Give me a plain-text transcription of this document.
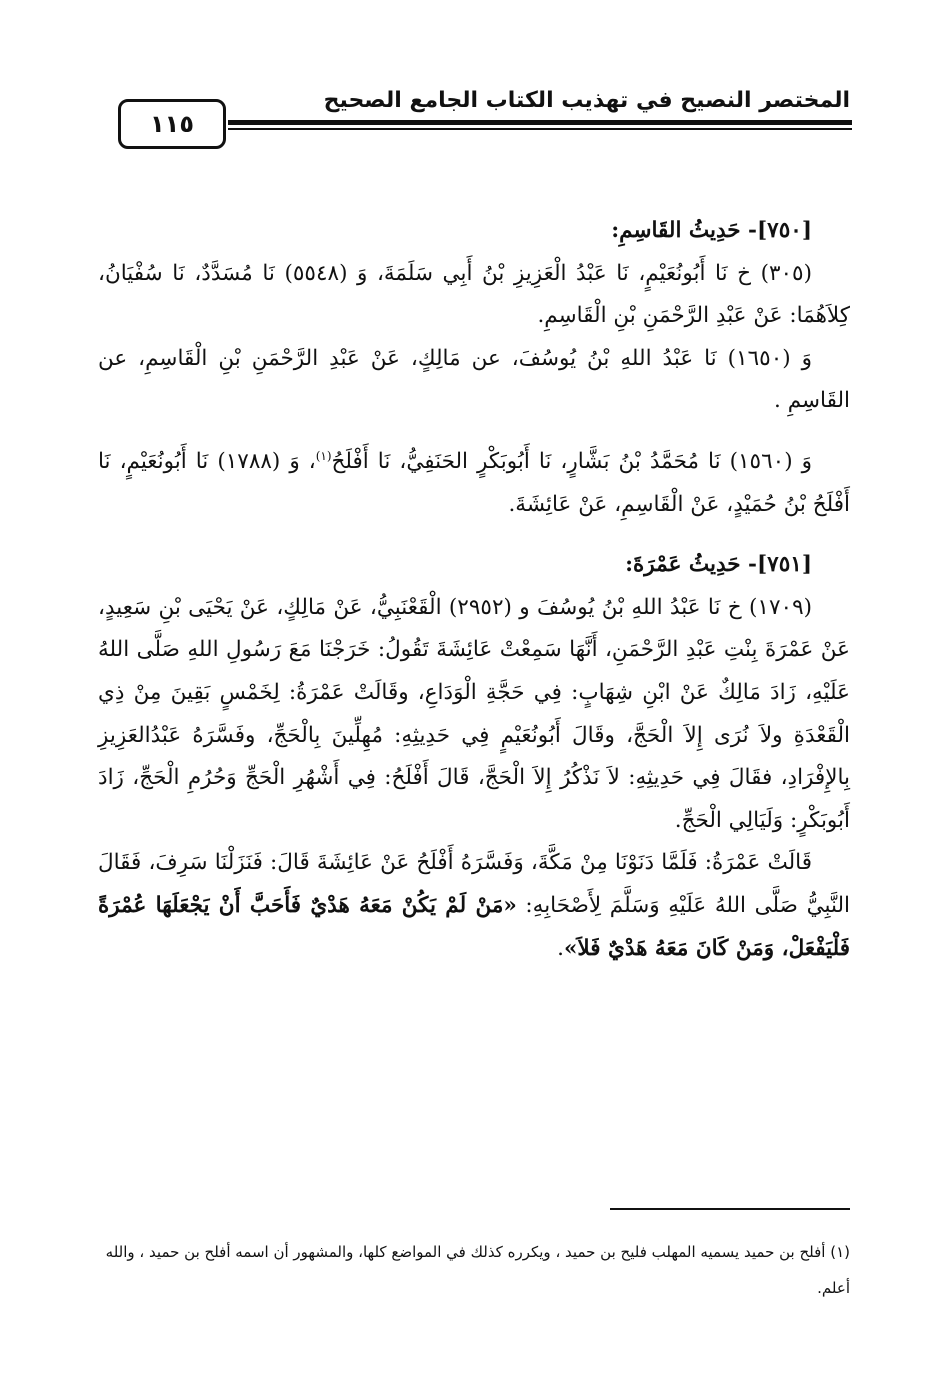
المختصر النصيح في تهذيب الكتاب الجامع الصحيح
١١٥

[٧٥٠]- حَدِيثُ القَاسِمِ:

(٣٠٥) خ نَا أَبُونُعَيْمٍ، نَا عَبْدُ الْعَزِيزِ بْنُ أَبِي سَلَمَةَ، وَ (٥٥٤٨) نَا مُسَدَّدٌ، نَا سُفْيَانُ، كِلاَهُمَا: عَنْ عَبْدِ الرَّحْمَنِ بْنِ الْقَاسِمِ.

وَ (١٦٥٠) نَا عَبْدُ اللهِ بْنُ يُوسُفَ، عن مَالِكٍ، عَنْ عَبْدِ الرَّحْمَنِ بْنِ الْقَاسِمِ، عن القَاسِمِ .

وَ (١٥٦٠) نَا مُحَمَّدُ بْنُ بَشَّارٍ، نَا أَبُوبَكْرٍ الحَنَفِيُّ، نَا أَفْلَحُ$^{(١)}$، وَ (١٧٨٨) نَا أَبُونُعَيْمٍ، نَا أَفْلَحُ بْنُ حُمَيْدٍ، عَنْ الْقَاسِمِ، عَنْ عَائِشَةَ.

[٧٥١]- حَدِيثُ عَمْرَةَ:

(١٧٠٩) خ نَا عَبْدُ اللهِ بْنُ يُوسُفَ و (٢٩٥٢) الْقَعْنَبِيُّ، عَنْ مَالِكٍ، عَنْ يَحْيَى بْنِ سَعِيدٍ، عَنْ عَمْرَةَ بِنْتِ عَبْدِ الرَّحْمَنِ، أَنَّهَا سَمِعْتْ عَائِشَةَ تَقُولُ: خَرَجْنَا مَعَ رَسُولِ اللهِ صَلَّى اللهُ عَلَيْهِ، زَادَ مَالِكٌ عَنْ ابْنِ شِهَابٍ: فِي حَجَّةِ الْوَدَاعِ، وقَالَتْ عَمْرَةُ: لِخَمْسٍ بَقِينَ مِنْ ذِي الْقَعْدَةِ ولاَ نُرَى إِلاَ الْحَجَّ، وقَالَ أَبُونُعَيْمٍ فِي حَدِيثِهِ: مُهِلِّينَ بِالْحَجِّ، وفَسَّرَهُ عَبْدُالعَزِيزِ بِالإِفْرَادِ، فقَالَ فِي حَدِيثِهِ: لاَ نَذْكُرُ إِلاَ الْحَجَّ، قَالَ أَفْلَحُ: فِي أَشْهُرِ الْحَجِّ وَحُرُمِ الْحَجِّ، زَادَ أَبُوبَكْرٍ: وَلَيَالِي الْحَجِّ.

قَالَتْ عَمْرَةُ: فَلَمَّا دَنَوْنَا مِنْ مَكَّةَ، وَفَسَّرَهُ أَفْلَحُ عَنْ عَائِشَةَ قَالَ: فَنَزَلْنَا سَرِفَ، فَقَالَ النَّبِيُّ صَلَّى اللهُ عَلَيْهِ وَسَلَّمَ لِأَصْحَابِهِ: «مَنْ لَمْ يَكُنْ مَعَهُ هَدْيٌ فَأَحَبَّ أَنْ يَجْعَلَهَا عُمْرَةً فَلْيَفْعَلْ، وَمَنْ كَانَ مَعَهُ هَدْيٌ فَلاَ».

(١) أفلح بن حميد يسميه المهلب فليح بن حميد ، ويكرره كذلك في المواضع كلها، والمشهور أن اسمه أفلح بن حميد ، والله أعلم.
